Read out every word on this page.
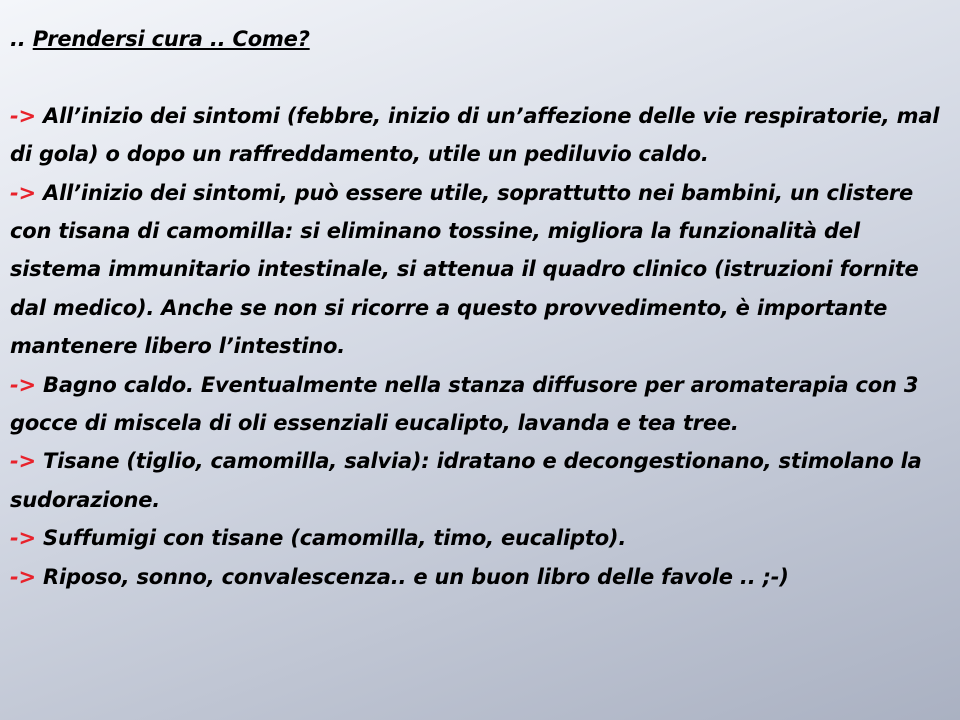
.. Prendersi cura .. Come?

-> All’inizio dei sintomi (febbre, inizio di un’affezione delle vie respiratorie, mal di gola) o dopo un raffreddamento, utile un pediluvio caldo.

-> All’inizio dei sintomi, può essere utile, soprattutto nei bambini, un clistere con tisana di camomilla: si eliminano tossine, migliora la funzionalità del sistema immunitario intestinale, si attenua il quadro clinico (istruzioni fornite dal medico). Anche se non si ricorre a questo provvedimento, è importante mantenere libero l’intestino.

-> Bagno caldo. Eventualmente nella stanza diffusore per aromaterapia con 3 gocce di miscela di oli essenziali eucalipto, lavanda e tea tree.

-> Tisane (tiglio, camomilla, salvia): idratano e decongestionano, stimolano la sudorazione.

-> Suffumigi con tisane (camomilla, timo, eucalipto).

-> Riposo, sonno, convalescenza.. e un buon libro delle favole .. ;-)
